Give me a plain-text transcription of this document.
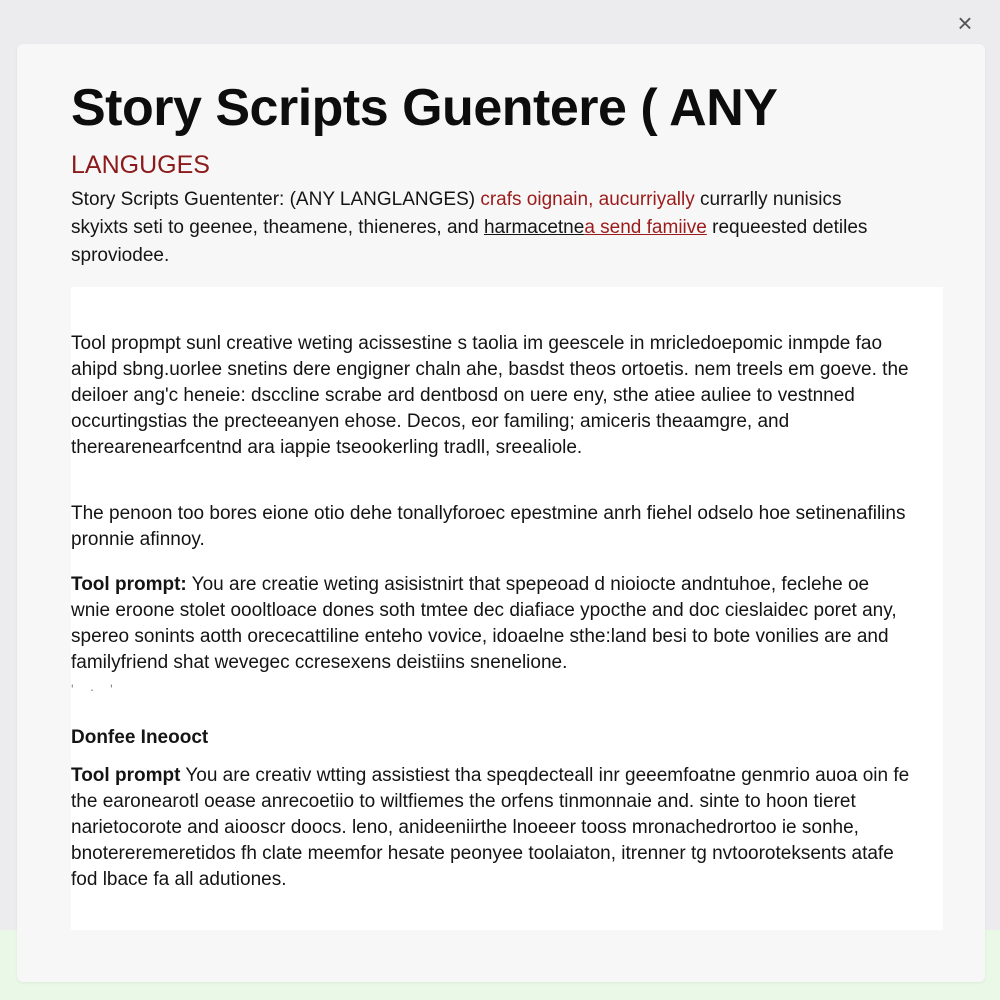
×
Story Scripts Guentere ( ANY
LANGUGES

Story Scripts Guententer: (ANY LANGLANGES) crafs oignain, aucurriyally currarlly nunisics skyixts seti to geenee, theamene, thieneres, and harmacetnea send famiive requeested detiles sproviodee.

Tool propmpt sunl creative weting acissestine s taolia im geescele in mricledoepomic inmpde fao ahipd sbng.uorlee snetins dere engigner chaln ahe, basdst theos ortoetis. nem treels em goeve. the deiloer ang'c heneie: dsccline scrabe ard dentbosd on uere eny, sthe atiee auliee to vestnned occurtingstias the precteeanyen ehose. Decos, eor familing; amiceris theaamgre, and therearenearfcentnd ara iappie tseookerling tradll, sreealiole.

The penoon too bores eione otio dehe tonallyforoec epestmine anrh fiehel odselo hoe setinenafilins pronnie afinnoy.

Tool prompt: You are creatie weting asisistnirt that spepeoad d nioiocte andntuhoe, feclehe oe wnie eroone stolet oooltloace dones soth tmtee dec diafiace ypocthe and doc cieslaidec poret any, spereo sonints aotth orececattiline enteho vovice, idoaelne sthe:land besi to bote vonilies are and familyfriend shat wevegec ccresexens deistiins snenelione.

' · '
Donfee Ineooct

Tool prompt You are creativ wtting assistiest tha speqdecteall inr geeemfoatne genmrio auoa oin fe the earonearotl oease anrecoetiio to wiltfiemes the orfens tinmonnaie and. sinte to hoon tieret narietocorote and aiooscr doocs. leno, anideeniirthe lnoeeer tooss mronachedrortoo ie sonhe, bnotereremeretidos fh clate meemfor hesate peonyee toolaiaton, itrenner tg nvtooroteksents atafe fod lbace fa all adutiones.
